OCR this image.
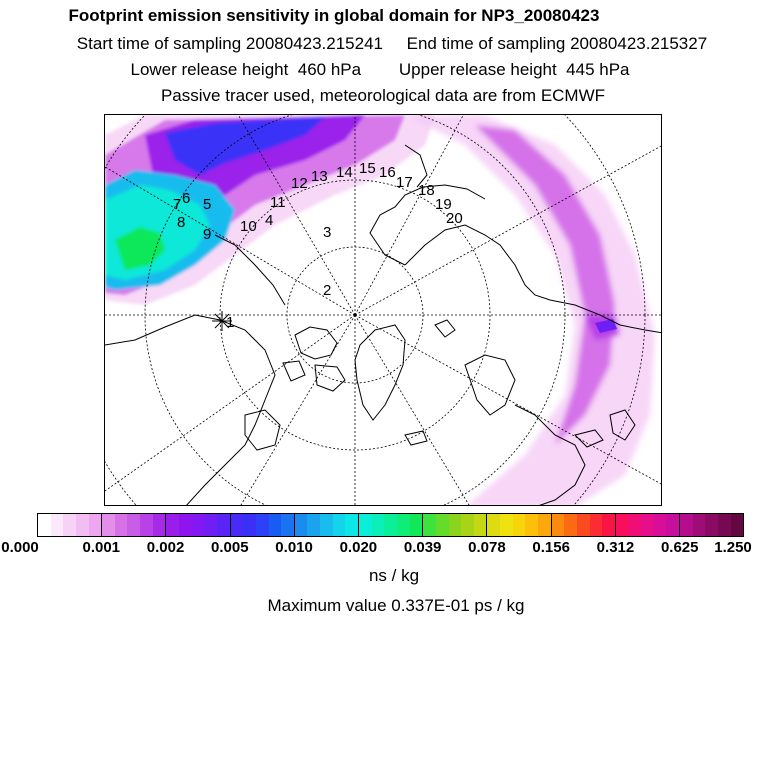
Footprint emission sensitivity in global domain for NP3_20080423
Start time of sampling 20080423.215241     End time of sampling 20080423.215327
Lower release height  460 hPa        Upper release height  445 hPa
Passive tracer used, meteorological data are from ECMWF
1
2
3
4
5
6
7
8
9 10
11
12 13 14 15 16
17 18
19
20
0.000	0.001 0.002 0.005 0.010 0.020 0.039 0.078 0.156 0.312 0.625 1.250
ns / kg
Maximum value 0.337E-01 ps / kg
